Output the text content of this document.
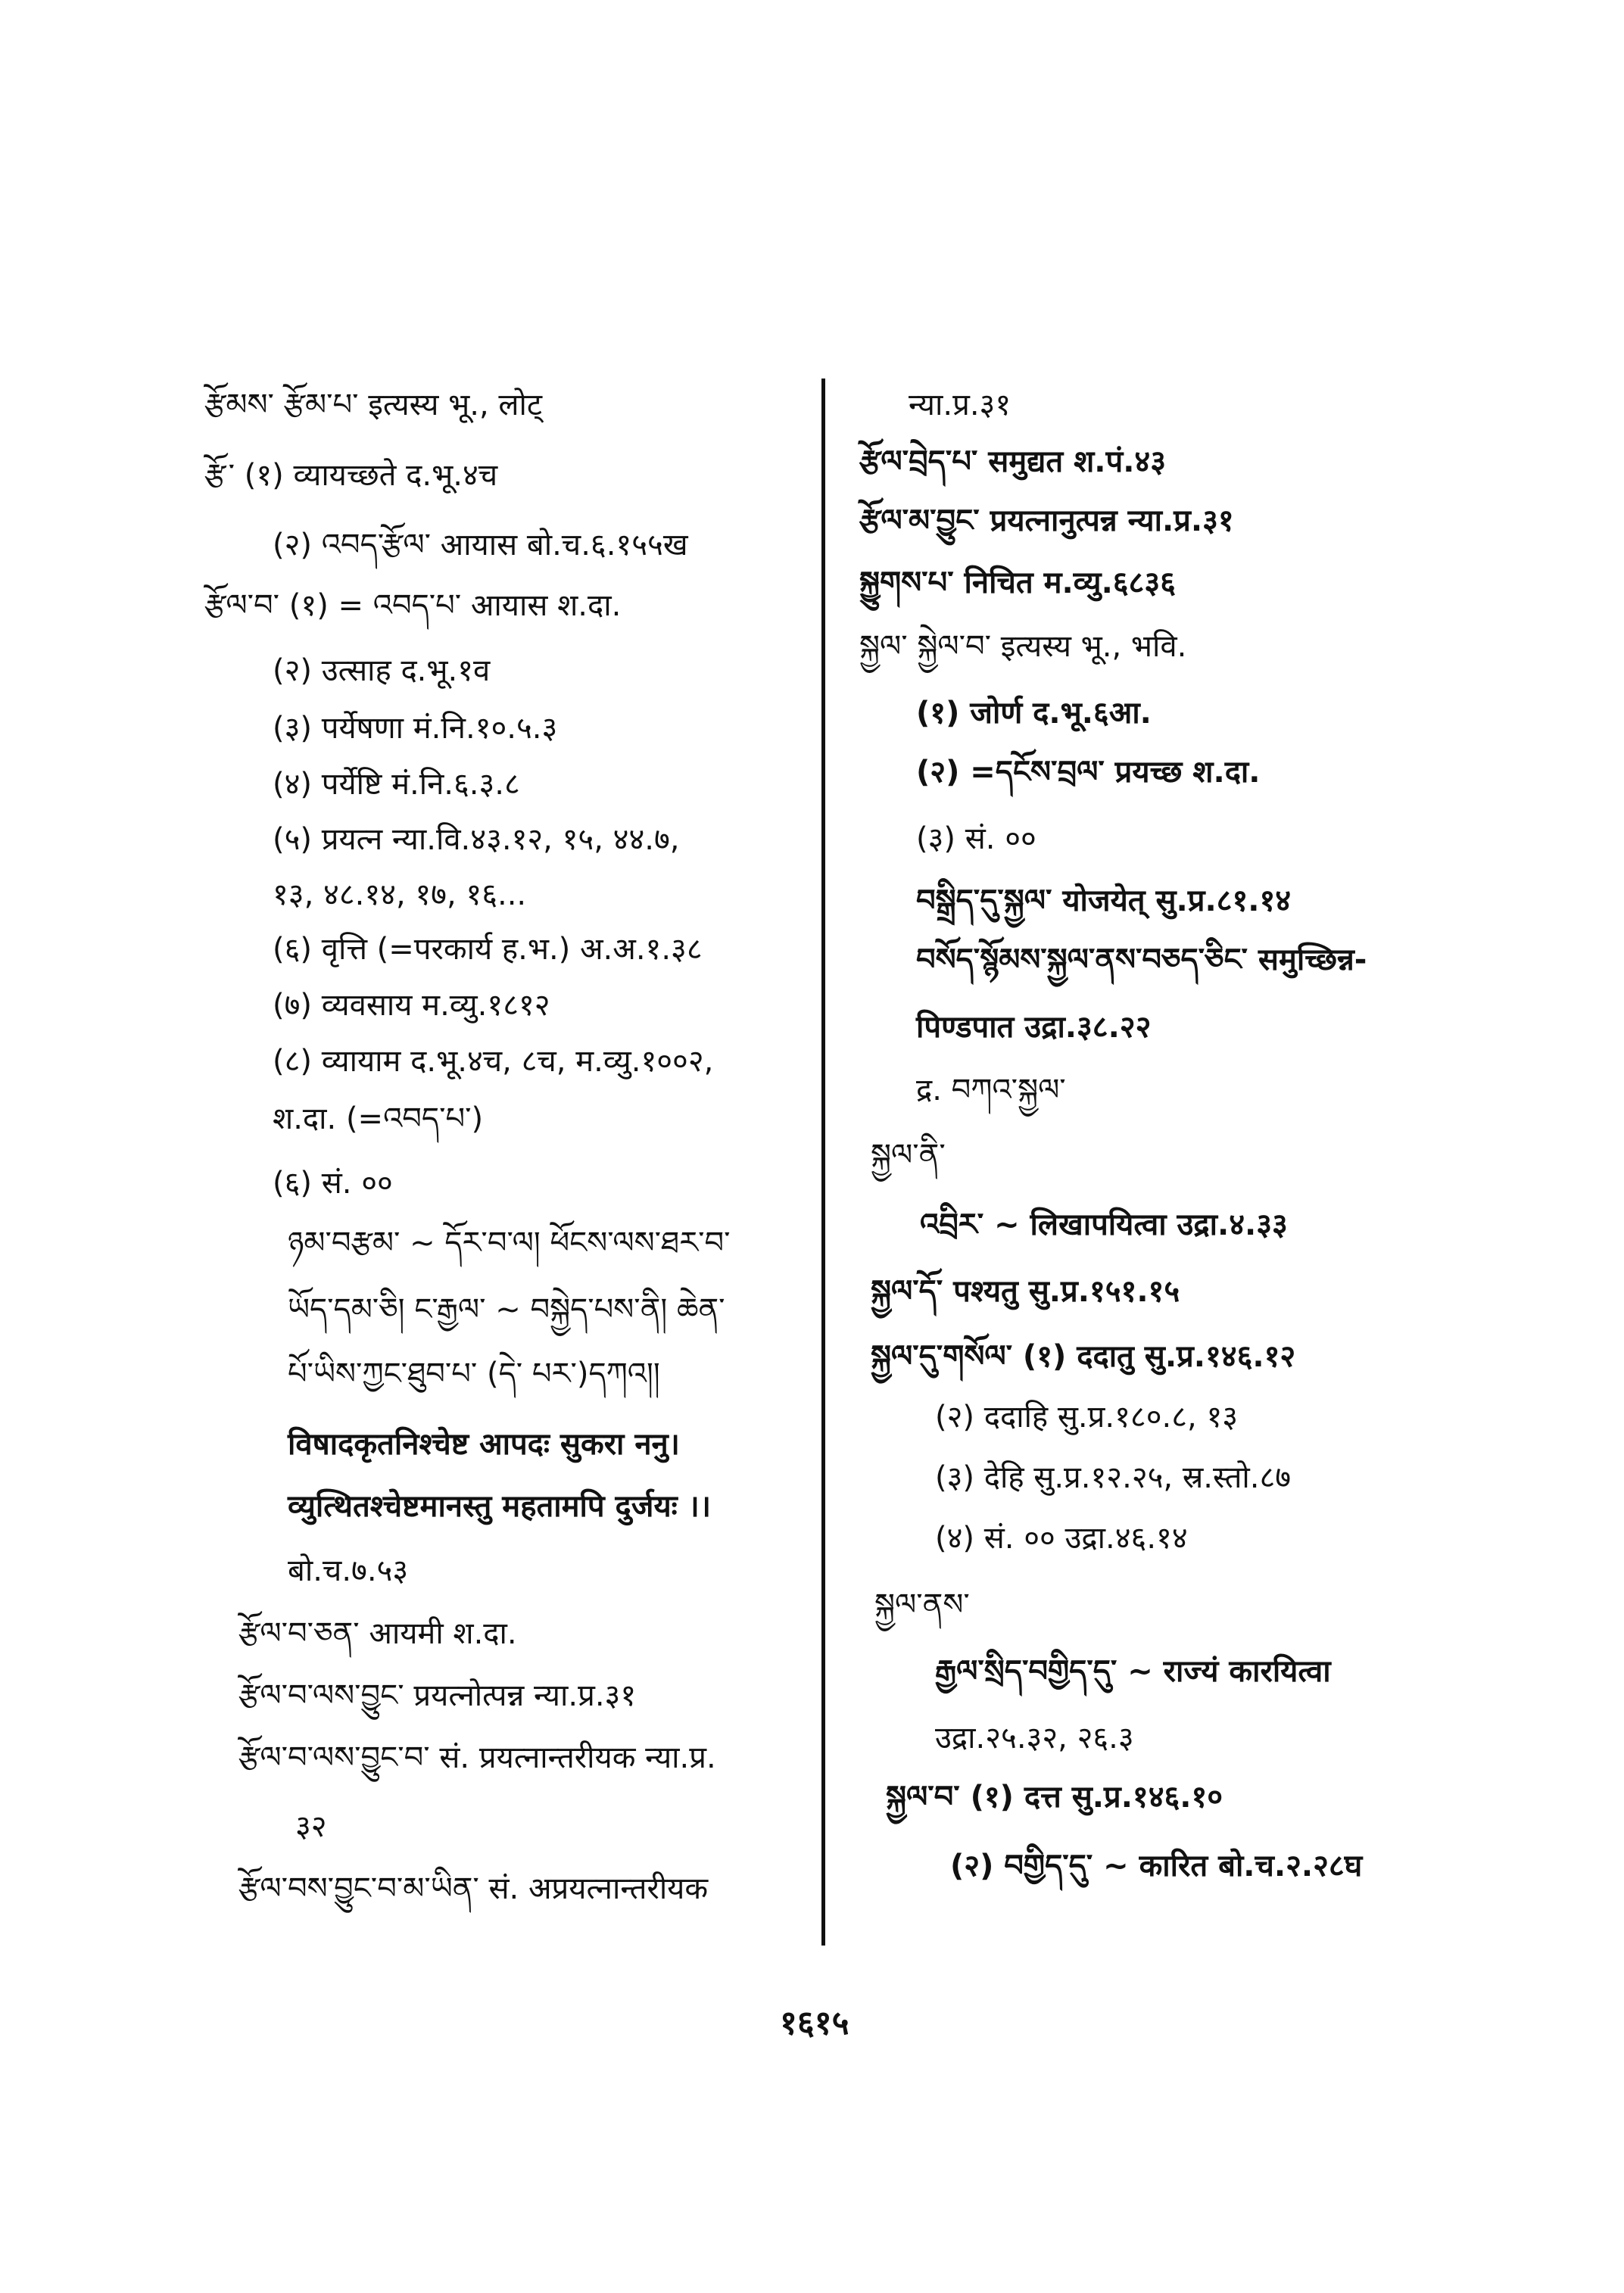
རྩོམས་ རྩོམ་པ་ इत्यस्य भू., लोट्
རྩོ་ (१) व्यायच्छते द.भू.४च
(२) འབད་རྩོལ་ आयास बो.च.६.१५५ख
རྩོལ་བ་ (१) = འབད་པ་ आयास श.दा.
(२) उत्साह द.भू.१व
(३) पर्येषणा मं.नि.१०.५.३
(४) पर्येष्टि मं.नि.६.३.८
(५) प्रयत्न न्या.वि.४३.१२, १५, ४४.७,
१३, ४८.१४, १७, १६...
(६) वृत्ति (=परकार्य ह.भ.) अ.अ.१.३८
(७) व्यवसाय म.व्यु.१८१२
(८) व्यायाम द.भू.४च, ८च, म.व्यु.१००२,
श.दा. (=འབད་པ་)
(६) सं. ००
ཉམ་བརྩམ་ ~ དོར་བ་ལ། ཕོངས་ལས་ཐར་བ་
ཡོད་དམ་ཅི། ང་རྒྱལ་ ~ བསྐྱེད་པས་ནི། ཆེན་
པོ་ཡིས་ཀྱང་ཐུབ་པ་ (དེ་ པར་)དཀའ།།
विषादकृतनिश्चेष्ट आपदः सुकरा ननु।
व्युत्थितश्चेष्टमानस्तु महतामपि दुर्जयः ।।
बो.च.७.५३
རྩོལ་བ་ཅན་ आयमी श.दा.
རྩོལ་བ་ལས་བྱུང་ प्रयत्नोत्पन्न न्या.प्र.३१
རྩོལ་བ་ལས་བྱུང་བ་ सं. प्रयत्नान्तरीयक न्या.प्र.
३२
རྩོལ་བས་བྱུང་བ་མ་ཡིན་ सं. अप्रयत्नान्तरीयक
न्या.प्र.३१
རྩོལ་བྲེད་པ་ समुद्यत श.पं.४३
རྩོལ་མ་བྱུང་ प्रयत्नानुत्पन्न न्या.प्र.३१
སྐྱུགས་པ་ निचित म.व्यु.६८३६
སྐྱལ་ སྐྱེལ་བ་ इत्यस्य भू., भवि.
(१) जोर्ण द.भू.६आ.
(२) =དངོས་བྲལ་ प्रयच्छ श.दा.
(३) सं. ००
བསྒྲིད་དུ་སྐྱལ་ योजयेत् सु.प्र.८१.१४
བསོད་སྙོམས་སྐྱལ་ནས་བཅད་ཅིང་ समुच्छिन्न-
पिण्डपात उद्रा.३८.२२
द्र. བཀའ་སྐྱལ་
སྐྱལ་ནི་
འབྲིར་ ~ लिखापयित्वा उद्रा.४.३३
སྐྱལ་དོ་ पश्यतु सु.प्र.१५१.१५
སྐྱལ་དུ་གསོལ་ (१) ददातु सु.प्र.१४६.१२
(२) ददाहि सु.प्र.१८०.८, १३
(३) देहि सु.प्र.१२.२५, स्र.स्तो.८७
(४) सं. ०० उद्रा.४६.१४
སྐྱལ་ནས་
རྒྱལ་སྲིད་བགྱིད་དུ་ ~ राज्यं कारयित्वा
उद्रा.२५.३२, २६.३
སྐྱལ་བ་ (१) दत्त सु.प्र.१४६.१०
(२) བགྱིད་དུ་ ~ कारित बो.च.२.२८घ
१६१५
